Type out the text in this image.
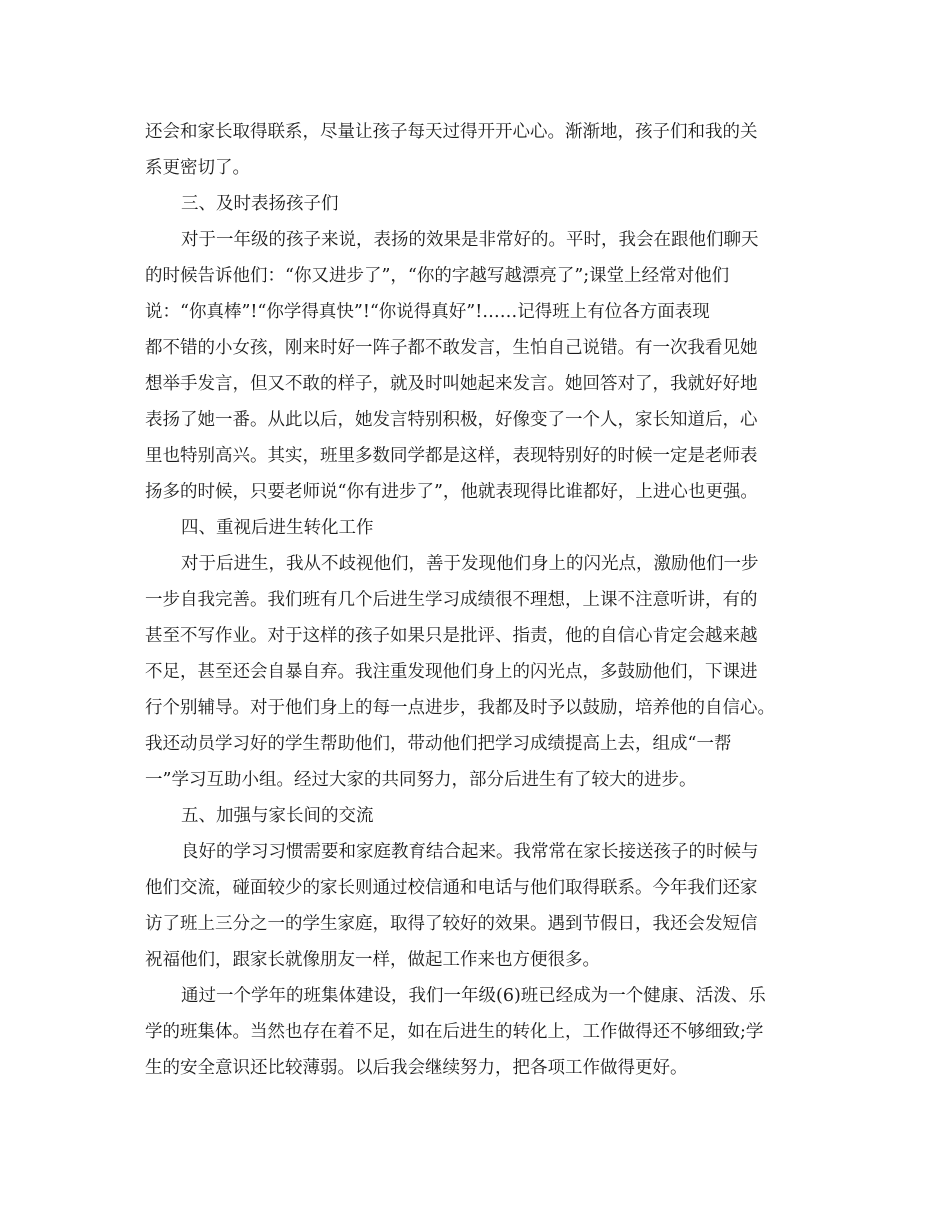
还会和家长取得联系，尽量让孩子每天过得开开心心。渐渐地，孩子们和我的关
系更密切了。
三、及时表扬孩子们
对于一年级的孩子来说，表扬的效果是非常好的。平时，我会在跟他们聊天
的时候告诉他们：“你又进步了”，“你的字越写越漂亮了”;课堂上经常对他们
说：“你真棒”!“你学得真快”!“你说得真好”!……记得班上有位各方面表现
都不错的小女孩，刚来时好一阵子都不敢发言，生怕自己说错。有一次我看见她
想举手发言，但又不敢的样子，就及时叫她起来发言。她回答对了，我就好好地
表扬了她一番。从此以后，她发言特别积极，好像变了一个人，家长知道后，心
里也特别高兴。其实，班里多数同学都是这样，表现特别好的时候一定是老师表
扬多的时候，只要老师说“你有进步了”，他就表现得比谁都好，上进心也更强。
四、重视后进生转化工作
对于后进生，我从不歧视他们，善于发现他们身上的闪光点，激励他们一步
一步自我完善。我们班有几个后进生学习成绩很不理想，上课不注意听讲，有的
甚至不写作业。对于这样的孩子如果只是批评、指责，他的自信心肯定会越来越
不足，甚至还会自暴自弃。我注重发现他们身上的闪光点，多鼓励他们，下课进
行个别辅导。对于他们身上的每一点进步，我都及时予以鼓励，培养他的自信心。
我还动员学习好的学生帮助他们，带动他们把学习成绩提高上去，组成“一帮
一”学习互助小组。经过大家的共同努力，部分后进生有了较大的进步。
五、加强与家长间的交流
良好的学习习惯需要和家庭教育结合起来。我常常在家长接送孩子的时候与
他们交流，碰面较少的家长则通过校信通和电话与他们取得联系。今年我们还家
访了班上三分之一的学生家庭，取得了较好的效果。遇到节假日，我还会发短信
祝福他们，跟家长就像朋友一样，做起工作来也方便很多。
通过一个学年的班集体建设，我们一年级(6)班已经成为一个健康、活泼、乐
学的班集体。当然也存在着不足，如在后进生的转化上，工作做得还不够细致;学
生的安全意识还比较薄弱。以后我会继续努力，把各项工作做得更好。
